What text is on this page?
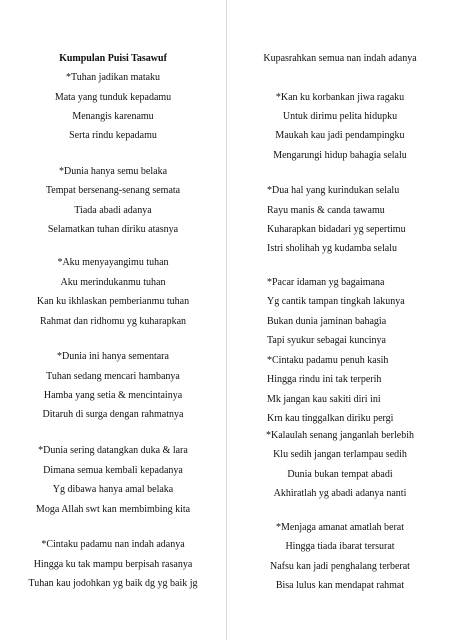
Kumpulan Puisi Tasawuf
*Tuhan jadikan mataku
Mata yang tunduk kepadamu
Menangis karenamu
Serta rindu kepadamu
*Dunia hanya semu belaka
Tempat bersenang-senang semata
Tiada abadi adanya
Selamatkan tuhan diriku atasnya
*Aku menyayangimu tuhan
Aku merindukanmu tuhan
Kan ku ikhlaskan pemberianmu tuhan
Rahmat dan ridhomu yg kuharapkan
*Dunia ini hanya sementara
Tuhan sedang mencari hambanya
Hamba yang setia & mencintainya
Ditaruh di surga dengan rahmatnya
*Dunia sering datangkan duka & lara
Dimana semua kembali kepadanya
Yg dibawa hanya amal belaka
Moga Allah swt kan membimbing kita
*Cintaku padamu nan indah adanya
Hingga ku tak mampu berpisah rasanya
Tuhan kau jodohkan yg baik dg yg baik jg
Kupasrahkan semua nan indah adanya
*Kan ku korbankan jiwa ragaku
Untuk dirimu pelita hidupku
Maukah kau jadi pendampingku
Mengarungi hidup bahagia selalu
*Dua hal yang kurindukan selalu
Rayu manis & canda tawamu
Kuharapkan bidadari yg sepertimu
Istri sholihah yg kudamba selalu
*Pacar idaman yg bagaimana
Yg cantik tampan tingkah lakunya
Bukan dunia jaminan bahagia
Tapi syukur sebagai kuncinya
*Cintaku padamu penuh kasih
Hingga rindu ini tak terperih
Mk jangan kau sakiti diri ini
Krn kau tinggalkan diriku pergi
*Kalaulah senang janganlah berlebih
Klu sedih jangan terlampau sedih
Dunia bukan tempat abadi
Akhiratlah yg abadi adanya nanti
*Menjaga amanat amatlah berat
Hingga tiada ibarat tersurat
Nafsu kan jadi penghalang terberat
Bisa lulus kan mendapat rahmat
